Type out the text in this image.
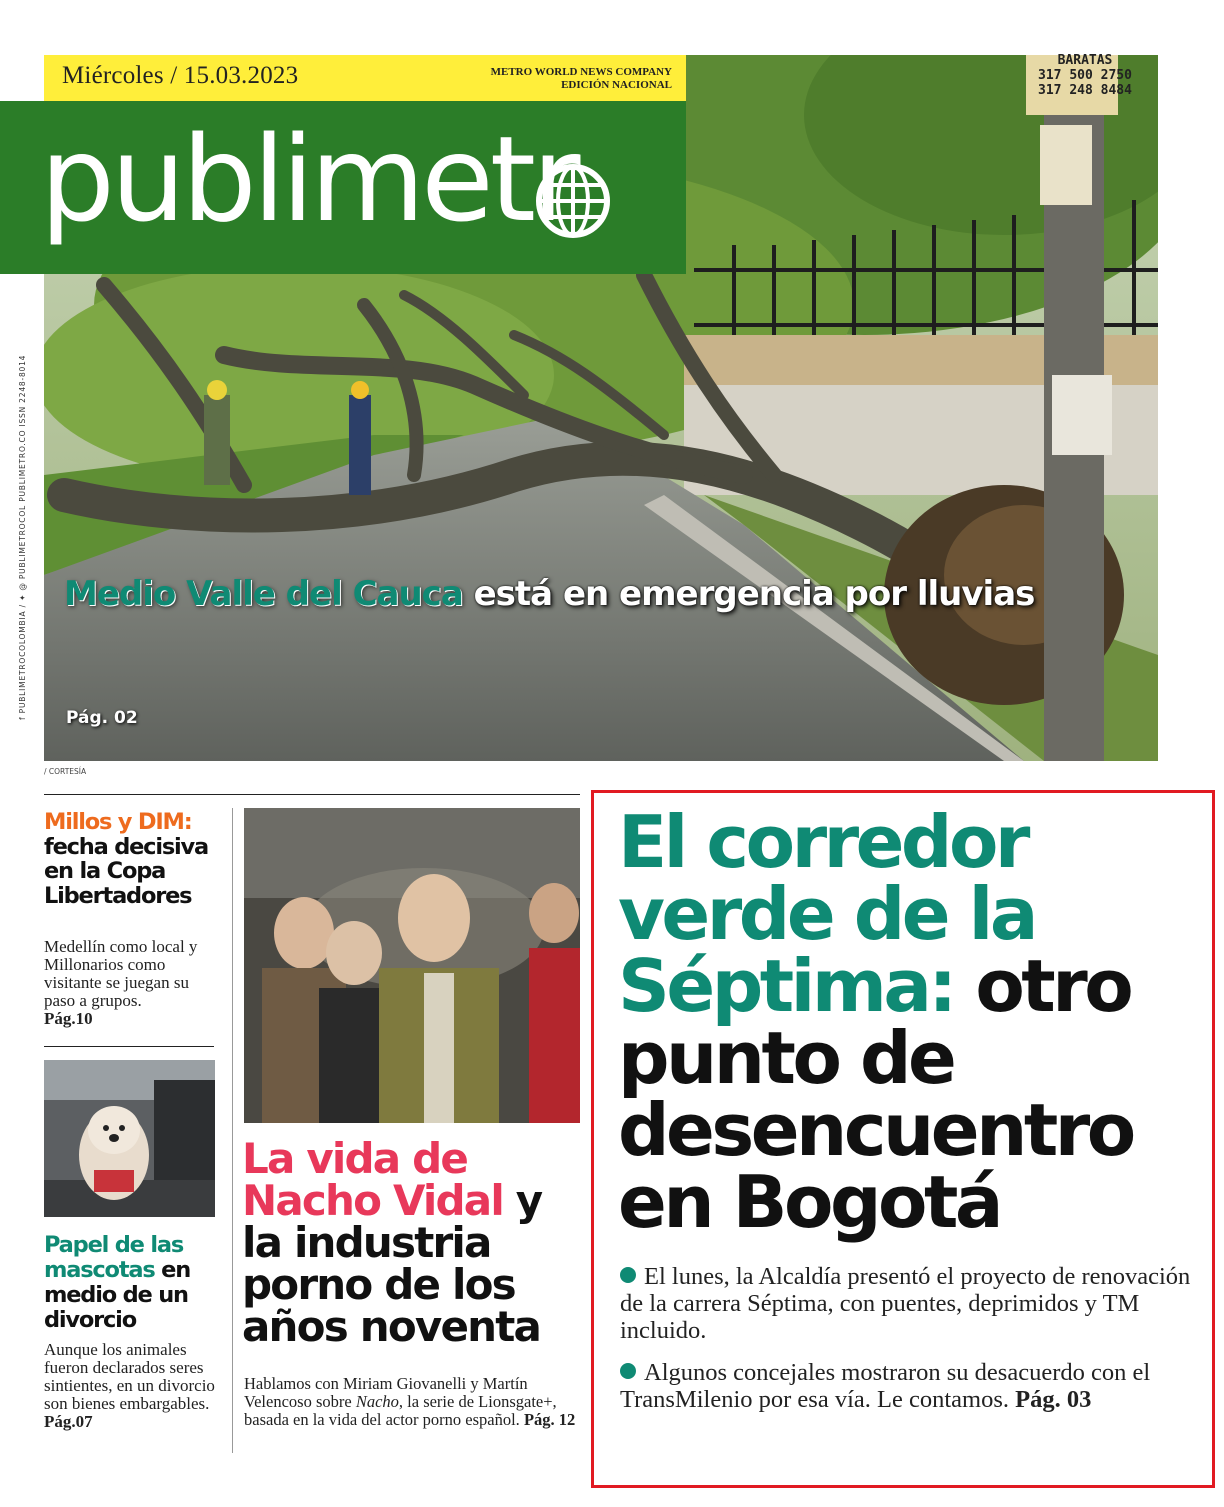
BARATAS
317 500 2750
317 248 8484
Miércoles / 15.03.2023	METRO WORLD NEWS COMPANY
EDICIÓN NACIONAL
publimetr
f PUBLIMETROCOLOMBIA / ✦ @ PUBLIMETROCOL PUBLIMETRO.CO ISSN 2248-8014 Medio Valle del Cauca está en emergencia por lluvias
Pág. 02
/ CORTESÍA
Millos y DIM: fecha decisiva en la Copa Libertadores
Medellín como local y Millonarios como visitante se juegan su paso a grupos.
Pág.10
Papel de las mascotas en medio de un divorcio
Aunque los animales fueron declarados seres sintientes, en un divorcio son bienes embargables.
Pág.07
La vida de Nacho Vidal y la industria porno de los años noventa
Hablamos con Miriam Giovanelli y Martín Velencoso sobre Nacho, la serie de Lionsgate+, basada en la vida del actor porno español. Pág. 12
El corredor verde de la Séptima: otro punto de desencuentro en Bogotá

El lunes, la Alcaldía presentó el proyecto de renovación de la carrera Séptima, con puentes, deprimidos y TM incluido.

Algunos concejales mostraron su desacuerdo con el TransMilenio por esa vía. Le contamos. Pág. 03
